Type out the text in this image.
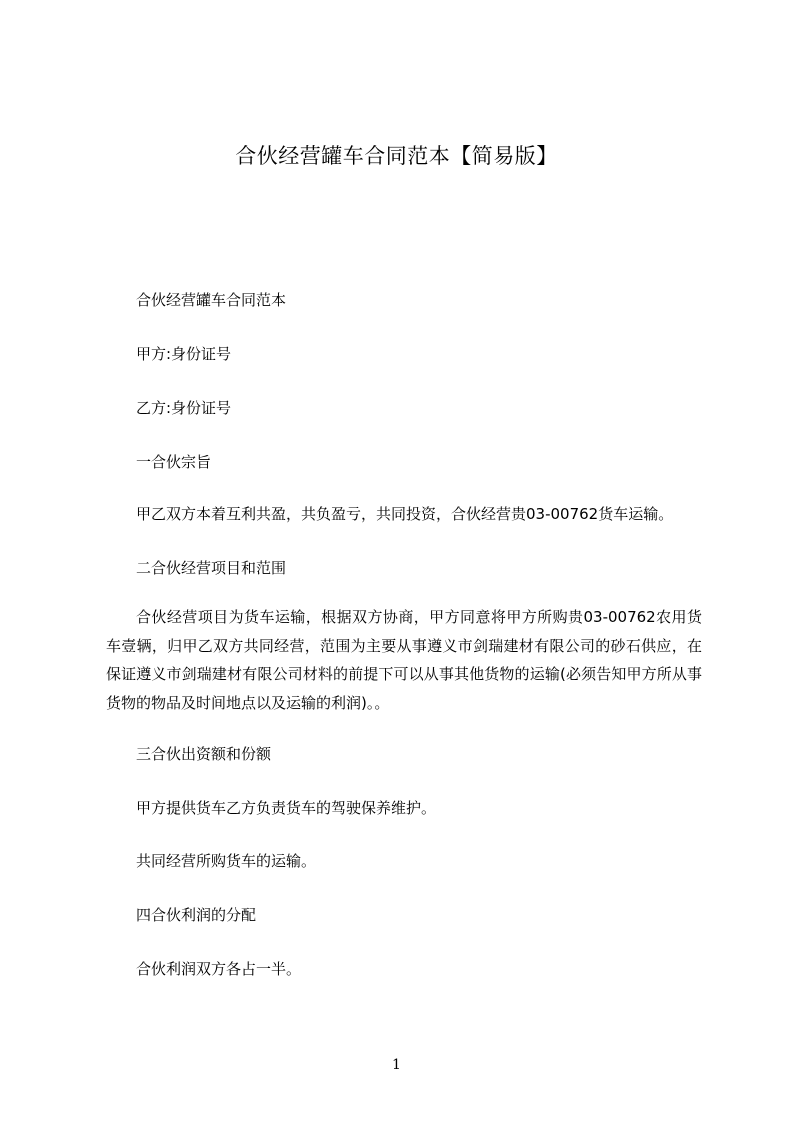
合伙经营罐车合同范本【简易版】
合伙经营罐车合同范本
甲方:身份证号
乙方:身份证号
一合伙宗旨
甲乙双方本着互利共盈，共负盈亏，共同投资，合伙经营贵03-00762货车运输。
二合伙经营项目和范围
合伙经营项目为货车运输，根据双方协商，甲方同意将甲方所购贵03-00762农用货车壹辆，归甲乙双方共同经营，范围为主要从事遵义市剑瑞建材有限公司的砂石供应，在保证遵义市剑瑞建材有限公司材料的前提下可以从事其他货物的运输(必须告知甲方所从事货物的物品及时间地点以及运输的利润)。。
三合伙出资额和份额
甲方提供货车乙方负责货车的驾驶保养维护。
共同经营所购货车的运输。
四合伙利润的分配
合伙利润双方各占一半。
1
